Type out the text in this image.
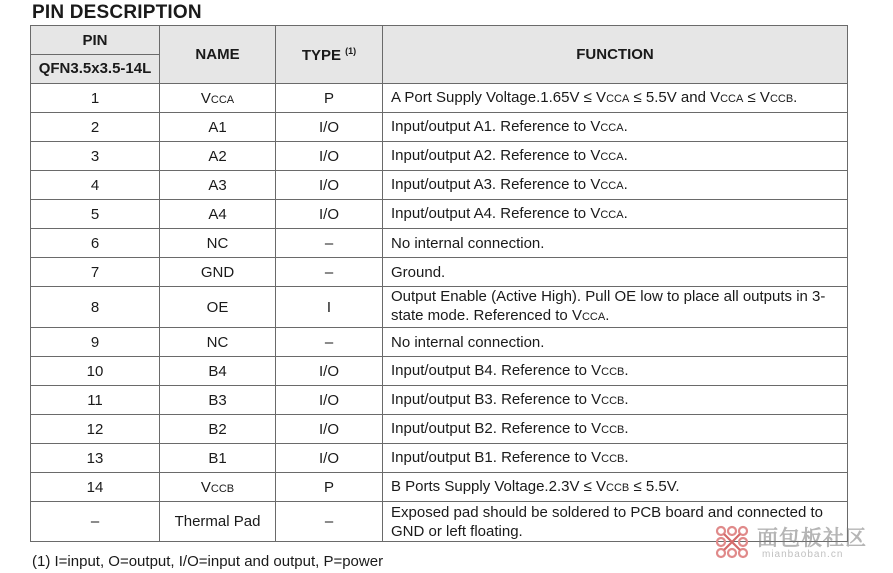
PIN DESCRIPTION
PIN	NAME	TYPE $^{(1)}$	FUNCTION
QFN3.5x3.5-14L			
1	VCCA	P	A Port Supply Voltage.1.65V ≤ VCCA ≤ 5.5V and VCCA ≤ VCCB.
2	A1	I/O	Input/output A1. Reference to VCCA.
3	A2	I/O	Input/output A2. Reference to VCCA.
4	A3	I/O	Input/output A3. Reference to VCCA.
5	A4	I/O	Input/output A4. Reference to VCCA.
6	NC	–	No internal connection.
7	GND	–	Ground.
8	OE	I	Output Enable (Active High). Pull OE low to place all outputs in 3-state mode. Referenced to VCCA.
9	NC	–	No internal connection.
10	B4	I/O	Input/output B4. Reference to VCCB.
11	B3	I/O	Input/output B3. Reference to VCCB.
12	B2	I/O	Input/output B2. Reference to VCCB.
13	B1	I/O	Input/output B1. Reference to VCCB.
14	VCCB	P	B Ports Supply Voltage.2.3V ≤ VCCB ≤ 5.5V.
–	Thermal Pad	–	Exposed pad should be soldered to PCB board and connected to GND or left floating.
(1) I=input, O=output, I/O=input and output, P=power
面包板社区
mianbaoban.cn
